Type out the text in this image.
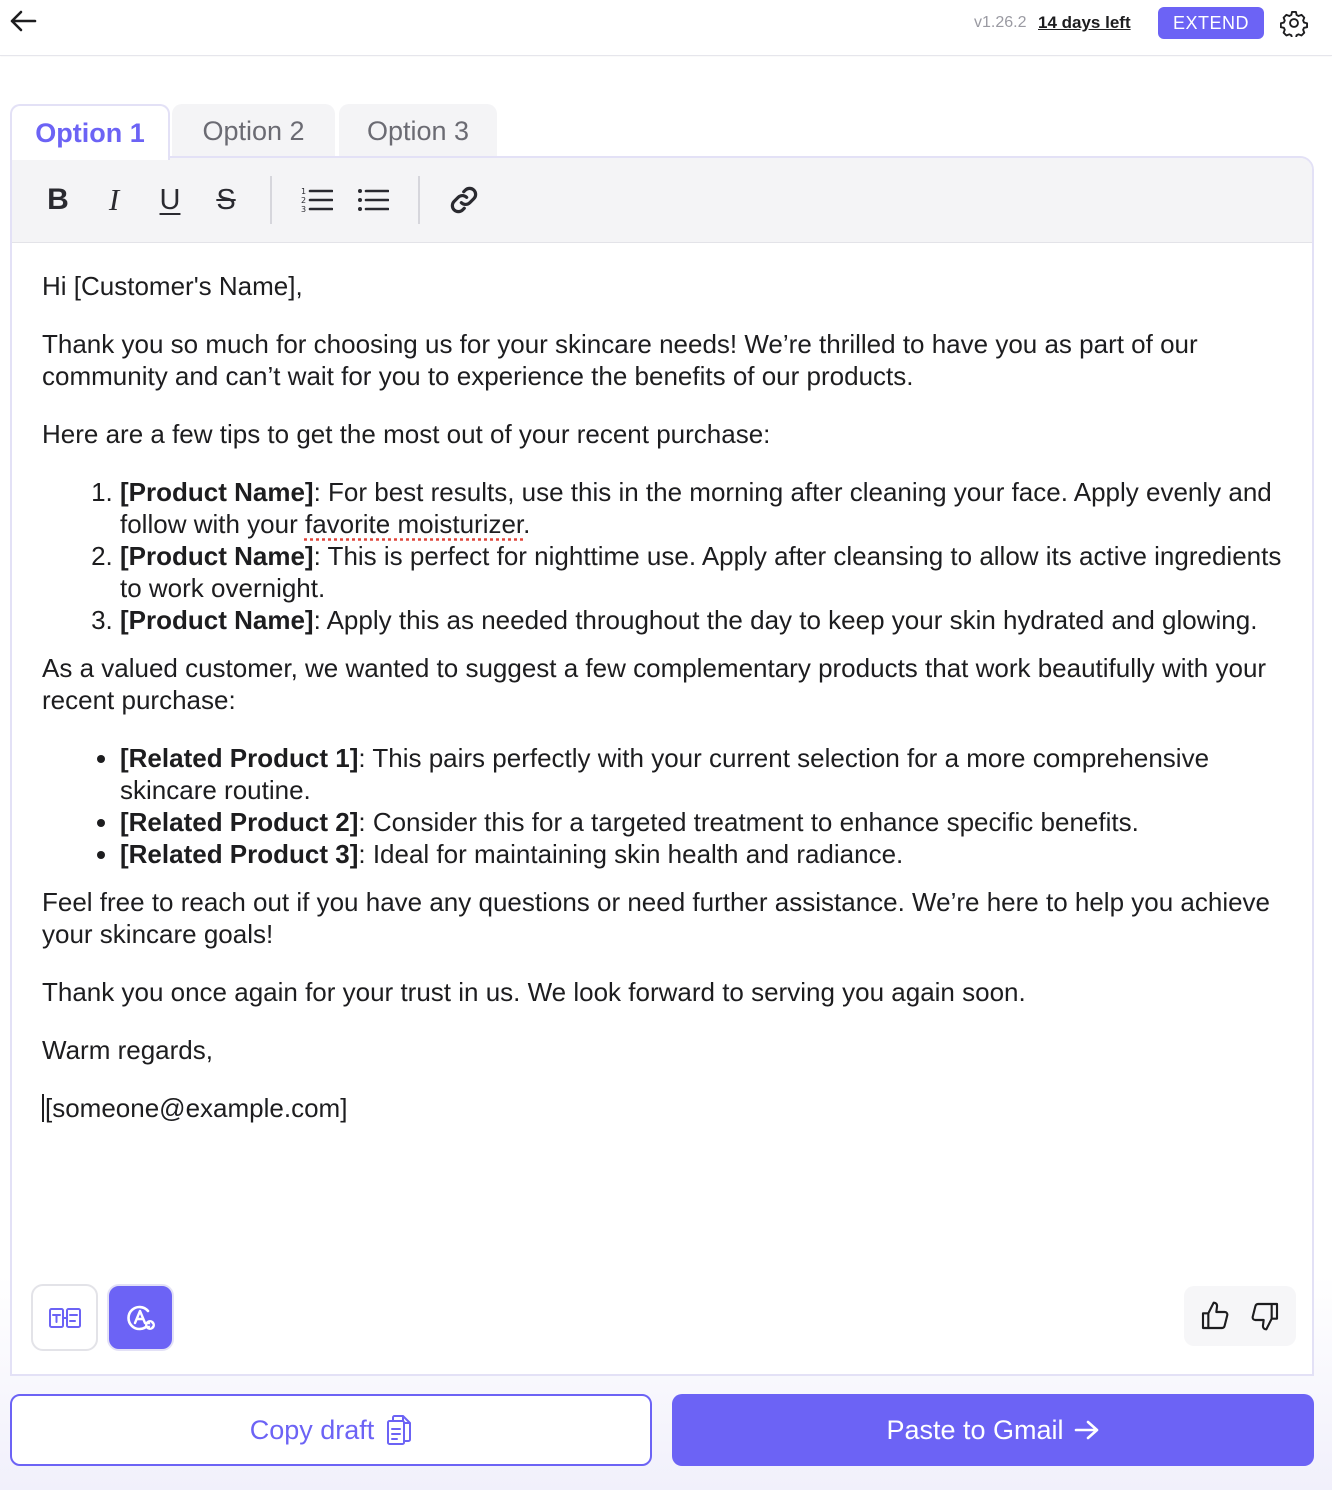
v1.26.2 14 days left	EXTEND
Option 1	Option 2	Option 3
B I U S	1
2
3

Hi [Customer's Name],

Thank you so much for choosing us for your skincare needs! We’re thrilled to have you as part of our community and can’t wait for you to experience the benefits of our products.

Here are a few tips to get the most out of your recent purchase:

1. [Product Name]: For best results, use this in the morning after cleaning your face. Apply evenly and follow with your favorite moisturizer.
2. [Product Name]: This is perfect for nighttime use. Apply after cleansing to allow its active ingredients to work overnight.
3. [Product Name]: Apply this as needed throughout the day to keep your skin hydrated and glowing.

As a valued customer, we wanted to suggest a few complementary products that work beautifully with your recent purchase:

• [Related Product 1]: This pairs perfectly with your current selection for a more comprehensive skincare routine.
• [Related Product 2]: Consider this for a targeted treatment to enhance specific benefits.
• [Related Product 3]: Ideal for maintaining skin health and radiance.

Feel free to reach out if you have any questions or need further assistance. We’re here to help you achieve your skincare goals!

Thank you once again for your trust in us. We look forward to serving you again soon.

Warm regards,

[someone@example.com]

Copy draft	Paste to Gmail
